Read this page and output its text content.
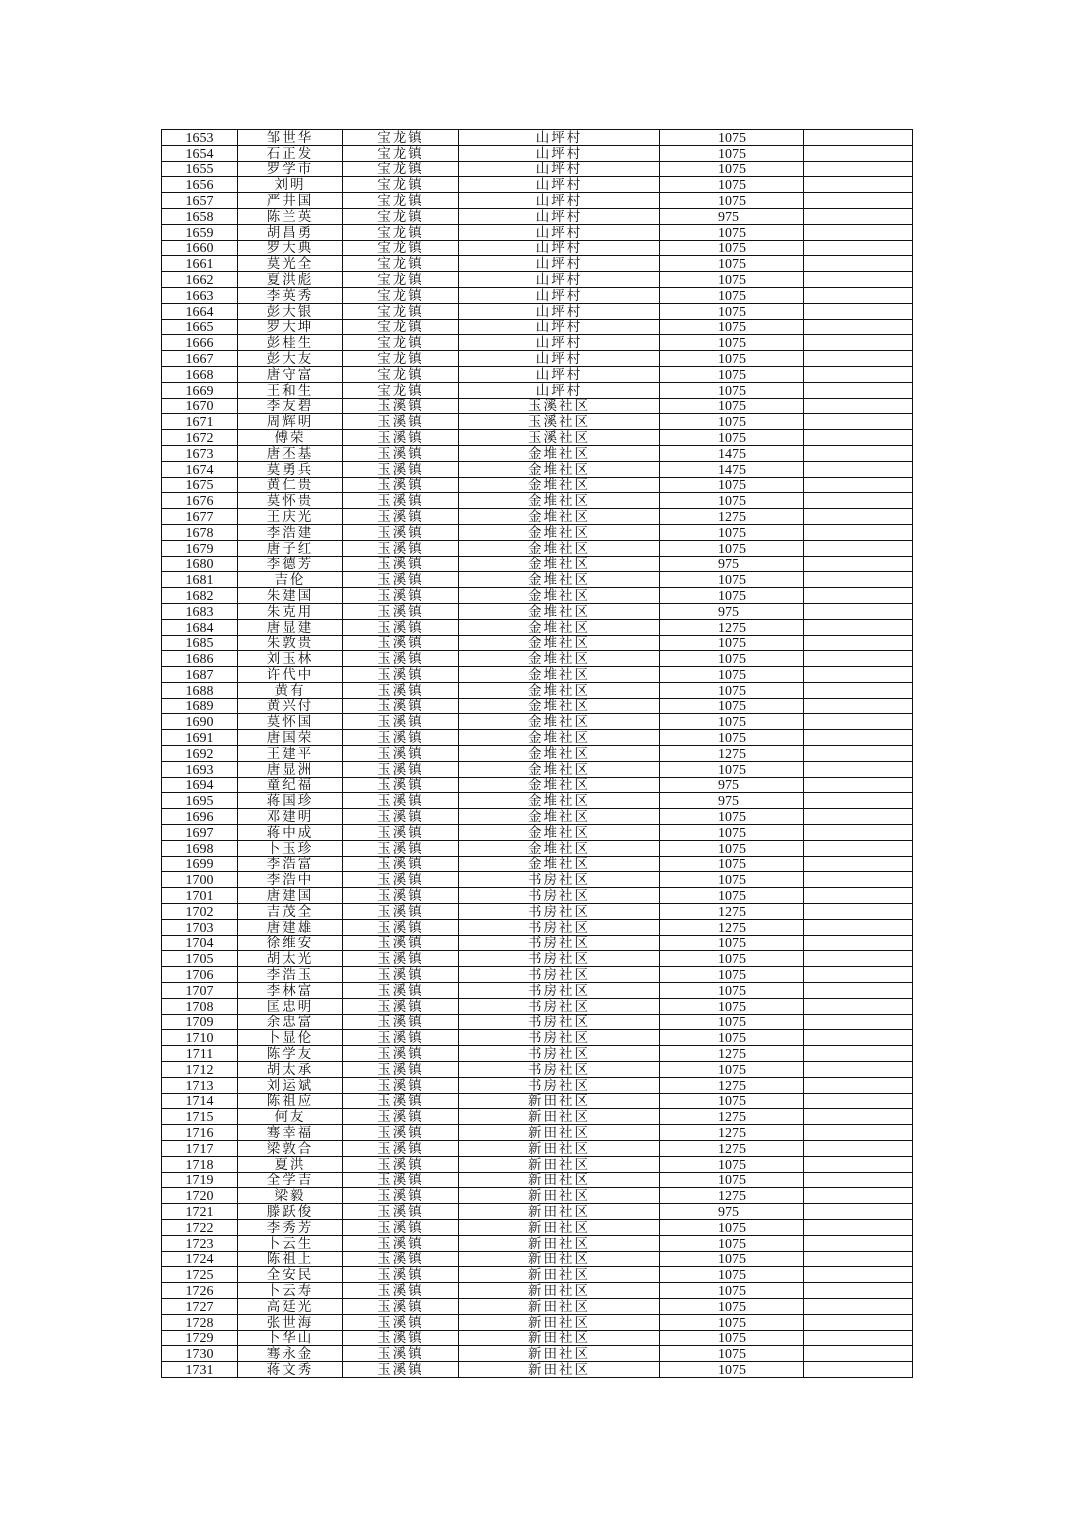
1653	邹世华	宝龙镇	山坪村	1075	
1654	石正发	宝龙镇	山坪村	1075	
1655	罗学市	宝龙镇	山坪村	1075	
1656	刘明	宝龙镇	山坪村	1075	
1657	严井国	宝龙镇	山坪村	1075	
1658	陈兰英	宝龙镇	山坪村	975	
1659	胡昌勇	宝龙镇	山坪村	1075	
1660	罗大典	宝龙镇	山坪村	1075	
1661	莫光全	宝龙镇	山坪村	1075	
1662	夏洪彪	宝龙镇	山坪村	1075	
1663	李英秀	宝龙镇	山坪村	1075	
1664	彭大银	宝龙镇	山坪村	1075	
1665	罗大坤	宝龙镇	山坪村	1075	
1666	彭桂生	宝龙镇	山坪村	1075	
1667	彭大友	宝龙镇	山坪村	1075	
1668	唐守富	宝龙镇	山坪村	1075	
1669	王和生	宝龙镇	山坪村	1075	
1670	李友碧	玉溪镇	玉溪社区	1075	
1671	周辉明	玉溪镇	玉溪社区	1075	
1672	傅荣	玉溪镇	玉溪社区	1075	
1673	唐丕基	玉溪镇	金堆社区	1475	
1674	莫勇兵	玉溪镇	金堆社区	1475	
1675	黄仁贵	玉溪镇	金堆社区	1075	
1676	莫怀贵	玉溪镇	金堆社区	1075	
1677	王庆光	玉溪镇	金堆社区	1275	
1678	李浩建	玉溪镇	金堆社区	1075	
1679	唐子红	玉溪镇	金堆社区	1075	
1680	李德芳	玉溪镇	金堆社区	975	
1681	吉伦	玉溪镇	金堆社区	1075	
1682	朱建国	玉溪镇	金堆社区	1075	
1683	朱克用	玉溪镇	金堆社区	975	
1684	唐显建	玉溪镇	金堆社区	1275	
1685	朱敦贵	玉溪镇	金堆社区	1075	
1686	刘玉林	玉溪镇	金堆社区	1075	
1687	许代中	玉溪镇	金堆社区	1075	
1688	黄有	玉溪镇	金堆社区	1075	
1689	黄兴付	玉溪镇	金堆社区	1075	
1690	莫怀国	玉溪镇	金堆社区	1075	
1691	唐国荣	玉溪镇	金堆社区	1075	
1692	王建平	玉溪镇	金堆社区	1275	
1693	唐显洲	玉溪镇	金堆社区	1075	
1694	童纪福	玉溪镇	金堆社区	975	
1695	蒋国珍	玉溪镇	金堆社区	975	
1696	邓建明	玉溪镇	金堆社区	1075	
1697	蒋中成	玉溪镇	金堆社区	1075	
1698	卜玉珍	玉溪镇	金堆社区	1075	
1699	李浩富	玉溪镇	金堆社区	1075	
1700	李浩中	玉溪镇	书房社区	1075	
1701	唐建国	玉溪镇	书房社区	1075	
1702	吉茂全	玉溪镇	书房社区	1275	
1703	唐建雄	玉溪镇	书房社区	1275	
1704	徐维安	玉溪镇	书房社区	1075	
1705	胡太光	玉溪镇	书房社区	1075	
1706	李浩玉	玉溪镇	书房社区	1075	
1707	李林富	玉溪镇	书房社区	1075	
1708	匡忠明	玉溪镇	书房社区	1075	
1709	余忠富	玉溪镇	书房社区	1075	
1710	卜显伦	玉溪镇	书房社区	1075	
1711	陈学友	玉溪镇	书房社区	1275	
1712	胡太承	玉溪镇	书房社区	1075	
1713	刘运斌	玉溪镇	书房社区	1275	
1714	陈祖应	玉溪镇	新田社区	1075	
1715	何友	玉溪镇	新田社区	1275	
1716	骞幸福	玉溪镇	新田社区	1275	
1717	梁敦合	玉溪镇	新田社区	1275	
1718	夏洪	玉溪镇	新田社区	1075	
1719	全学吉	玉溪镇	新田社区	1075	
1720	梁毅	玉溪镇	新田社区	1275	
1721	滕跃俊	玉溪镇	新田社区	975	
1722	李秀芳	玉溪镇	新田社区	1075	
1723	卜云生	玉溪镇	新田社区	1075	
1724	陈祖上	玉溪镇	新田社区	1075	
1725	全安民	玉溪镇	新田社区	1075	
1726	卜云寿	玉溪镇	新田社区	1075	
1727	高廷光	玉溪镇	新田社区	1075	
1728	张世海	玉溪镇	新田社区	1075	
1729	卜华山	玉溪镇	新田社区	1075	
1730	骞永金	玉溪镇	新田社区	1075	
1731	蒋文秀	玉溪镇	新田社区	1075	
